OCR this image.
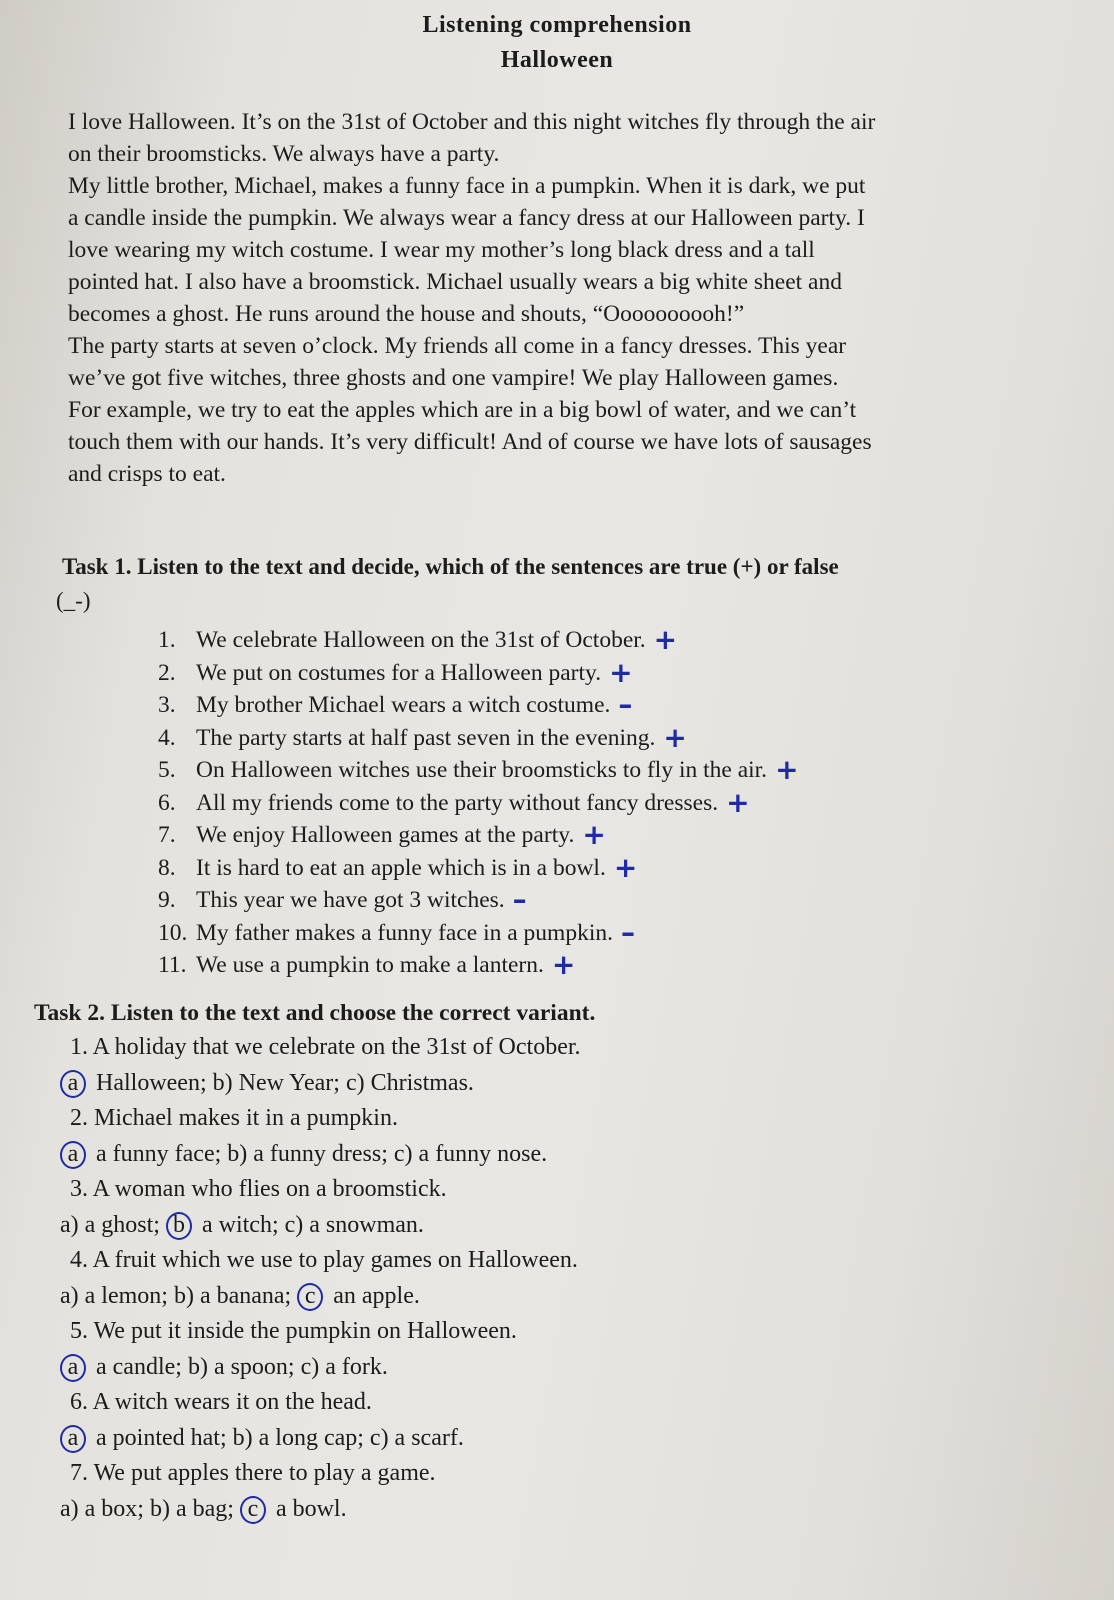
Listening comprehension
Halloween
I love Halloween. It’s on the 31st of October and this night witches fly through the air
on their broomsticks. We always have a party.
My little brother, Michael, makes a funny face in a pumpkin. When it is dark, we put
a candle inside the pumpkin. We always wear a fancy dress at our Halloween party. I
love wearing my witch costume. I wear my mother’s long black dress and a tall
pointed hat. I also have a broomstick. Michael usually wears a big white sheet and
becomes a ghost. He runs around the house and shouts, “Oooooooooh!”
The party starts at seven o’clock. My friends all come in a fancy dresses. This year
we’ve got five witches, three ghosts and one vampire! We play Halloween games.
For example, we try to eat the apples which are in a big bowl of water, and we can’t
touch them with our hands. It’s very difficult! And of course we have lots of sausages
and crisps to eat.
Task 1. Listen to the text and decide, which of the sentences are true (+) or false
(_-)
1. We celebrate Halloween on the 31st of October. +
2. We put on costumes for a Halloween party. +
3. My brother Michael wears a witch costume. –
4. The party starts at half past seven in the evening. +
5. On Halloween witches use their broomsticks to fly in the air. +
6. All my friends come to the party without fancy dresses. +
7. We enjoy Halloween games at the party. +
8. It is hard to eat an apple which is in a bowl. +
9. This year we have got 3 witches. –
10. My father makes a funny face in a pumpkin. –
11. We use a pumpkin to make a lantern. +
Task 2. Listen to the text and choose the correct variant.
1. A holiday that we celebrate on the 31st of October.
a Halloween; b) New Year; c) Christmas.
2. Michael makes it in a pumpkin.
a a funny face; b) a funny dress; c) a funny nose.
3. A woman who flies on a broomstick.
a) a ghost; b a witch; c) a snowman.
4. A fruit which we use to play games on Halloween.
a) a lemon; b) a banana; c an apple.
5. We put it inside the pumpkin on Halloween.
a a candle; b) a spoon; c) a fork.
6. A witch wears it on the head.
a a pointed hat; b) a long cap; c) a scarf.
7. We put apples there to play a game.
a) a box; b) a bag; c a bowl.
